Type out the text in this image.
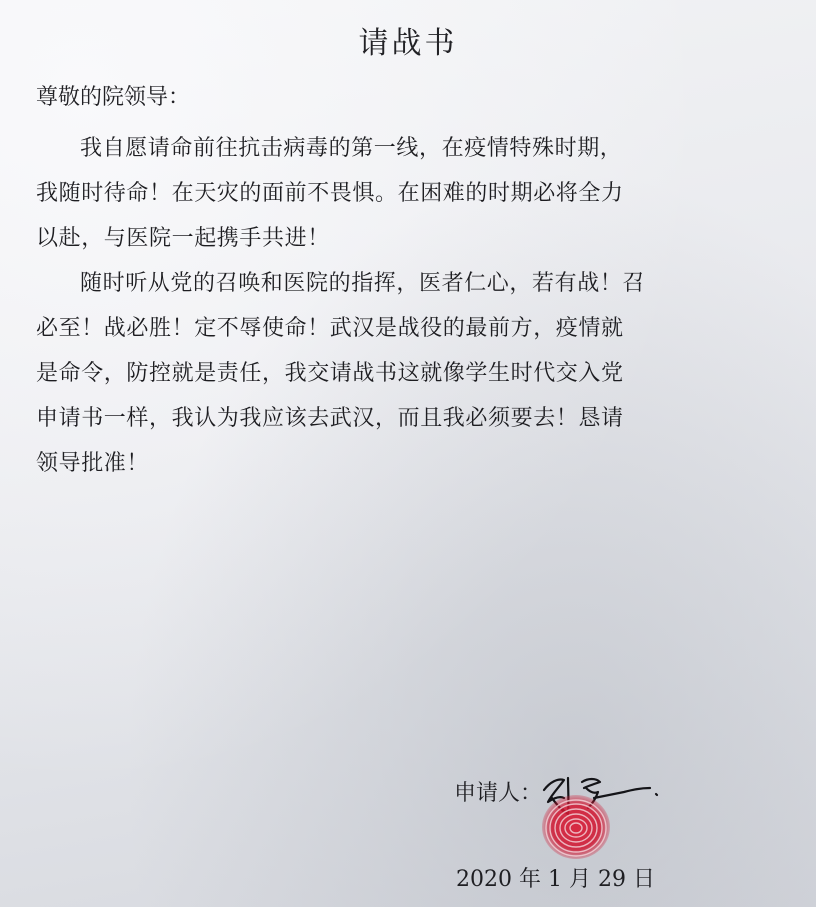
请战书
尊敬的院领导：
我自愿请命前往抗击病毒的第一线，在疫情特殊时期，
我随时待命！在天灾的面前不畏惧。在困难的时期必将全力
以赴，与医院一起携手共进！
随时听从党的召唤和医院的指挥，医者仁心，若有战！召
必至！战必胜！定不辱使命！武汉是战役的最前方，疫情就
是命令，防控就是责任，我交请战书这就像学生时代交入党
申请书一样，我认为我应该去武汉，而且我必须要去！恳请
领导批准！
申请人：
2020 年 1 月 29 日
